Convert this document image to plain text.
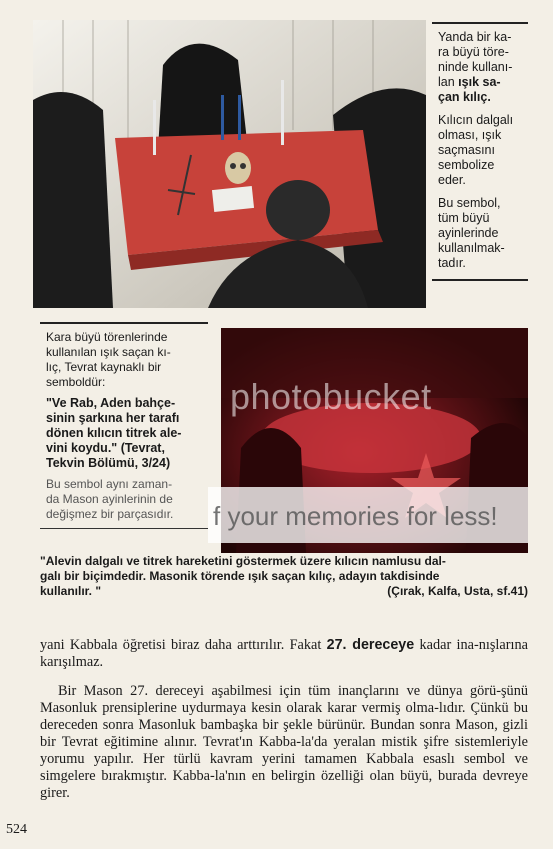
Yanda bir ka-
ra büyü töre-
ninde kullanı-
lan ışık sa-
çan kılıç.

Kılıcın dalgalı
olması, ışık
saçmasını
sembolize
eder.

Bu sembol,
tüm büyü
ayinlerinde
kullanılmak-
tadır.

Kara büyü törenlerinde
kullanılan ışık saçan kı-
lıç, Tevrat kaynaklı bir
semboldür:

"Ve Rab, Aden bahçe-
sinin şarkına her tarafı
dönen kılıcın titrek ale-
vini koydu." (Tevrat,
Tekvin Bölümü, 3/24)

Bu sembol aynı zaman-
da Mason ayinlerinin de
değişmez bir parçasıdır.

photobucket
f your memories for less!
"Alevin dalgalı ve titrek hareketini göstermek üzere kılıcın namlusu dal-
galı bir biçimdedir. Masonik törende ışık saçan kılıç, adayın takdisinde
kullanılır. "	(Çırak, Kalfa, Usta, sf.41)

yani Kabbala öğretisi biraz daha arttırılır. Fakat 27. dereceye kadar ina-nışlarına karışılmaz.

Bir Mason 27. dereceyi aşabilmesi için tüm inançlarını ve dünya görü-şünü Masonluk prensiplerine uydurmaya kesin olarak karar vermiş olma-lıdır. Çünkü bu dereceden sonra Masonluk bambaşka bir şekle bürünür. Bundan sonra Mason, gizli bir Tevrat eğitimine alınır. Tevrat'ın Kabba-la'da yeralan mistik şifre sistemleriyle yorumu yapılır. Her türlü kavram yerini tamamen Kabbala esaslı sembol ve simgelere bırakmıştır. Kabba-la'nın en belirgin özelliği olan büyü, burada devreye girer.

524
